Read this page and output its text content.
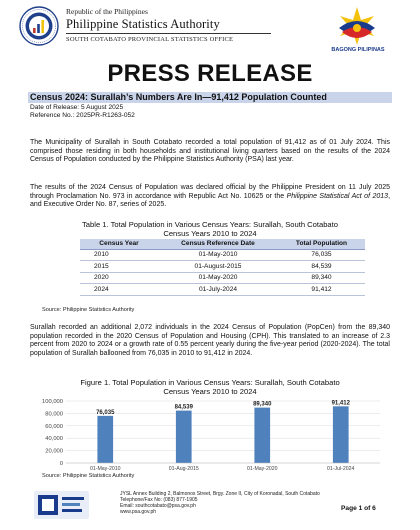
Republic of the Philippines
Philippine Statistics Authority
SOUTH COTABATO PROVINCIAL STATISTICS OFFICE
BAGONG PILIPINAS
PRESS RELEASE
Census 2024: Surallah’s Numbers Are In—91,412 Population Counted
Date of Release: 5 August 2025
Reference No.: 2025PR-R1263-052

The Municipality of Surallah in South Cotabato recorded a total population of 91,412 as of 01 July 2024. This comprised those residing in both households and institutional living quarters based on the results of the 2024 Census of Population conducted by the Philippine Statistics Authority (PSA) last year.

The results of the 2024 Census of Population was declared official by the Philippine President on 11 July 2025 through Proclamation No. 973 in accordance with Republic Act No. 10625 or the Philippine Statistical Act of 2013, and Executive Order No. 87, series of 2025.

Table 1. Total Population in Various Census Years: Surallah, South Cotabato
Census Years 2010 to 2024
Census Year	Census Reference Date	Total Population
2010	01-May-2010	76,035
2015	01-August-2015	84,539
2020	01-May-2020	89,340
2024	01-July-2024	91,412
Source: Philippine Statistics Authority

Surallah recorded an additional 2,072 individuals in the 2024 Census of Population (PopCen) from the 89,340 population recorded in the 2020 Census of Population and Housing (CPH). This translated to an increase of 2.3 percent from 2020 to 2024 or a growth rate of 0.55 percent yearly during the five-year period (2020-2024). The total population of Surallah ballooned from 76,035 in 2010 to 91,412 in 2024.

Figure 1. Total Population in Various Census Years: Surallah, South Cotabato
Census Years 2010 to 2024
0
20,000
40,000
60,000
80,000
100,000
76,035
01-May-2010
84,539
01-Aug-2015
89,340
01-May-2020
91,412
01-Jul-2024
Source: Philippine Statistics Authority
JYSL Annex Building 2, Balmonos Street, Brgy. Zone II, City of Koronadal, South Cotabato
Telephone/Fax No: (083) 877-1905
Email: southcotabato@psa.gov.ph
www.psa.gov.ph
Page 1 of 6
